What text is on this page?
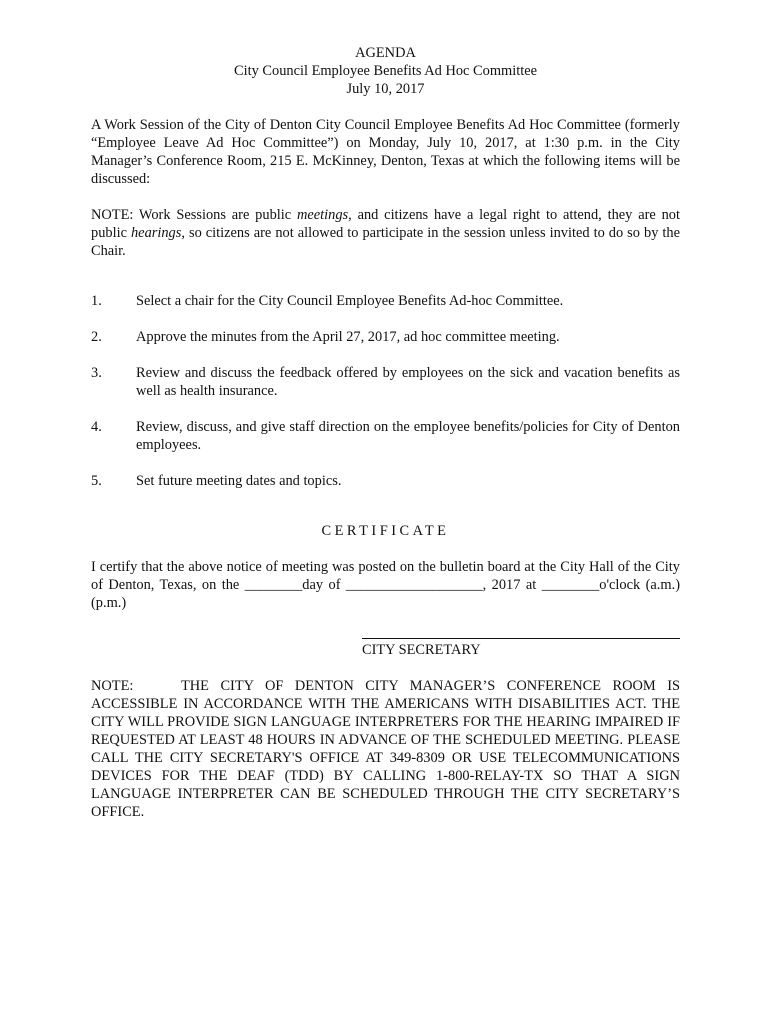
AGENDA
City Council Employee Benefits Ad Hoc Committee
July 10, 2017
A Work Session of the City of Denton City Council Employee Benefits Ad Hoc Committee (formerly “Employee Leave Ad Hoc Committee”) on Monday, July 10, 2017, at 1:30 p.m. in the City Manager’s Conference Room, 215 E. McKinney, Denton, Texas at which the following items will be discussed:
NOTE: Work Sessions are public meetings, and citizens have a legal right to attend, they are not public hearings, so citizens are not allowed to participate in the session unless invited to do so by the Chair.
1.	Select a chair for the City Council Employee Benefits Ad-hoc Committee.
2.	Approve the minutes from the April 27, 2017, ad hoc committee meeting.
3.	Review and discuss the feedback offered by employees on the sick and vacation benefits as well as health insurance.
4.	Review, discuss, and give staff direction on the employee benefits/policies for City of Denton employees.
5.	Set future meeting dates and topics.
CERTIFICATE
I certify that the above notice of meeting was posted on the bulletin board at the City Hall of the City of Denton, Texas, on the ________day of ___________________, 2017 at ________o'clock (a.m.) (p.m.)
CITY SECRETARY
NOTE:	THE CITY OF DENTON CITY MANAGER’S CONFERENCE ROOM IS ACCESSIBLE IN ACCORDANCE WITH THE AMERICANS WITH DISABILITIES ACT. THE CITY WILL PROVIDE SIGN LANGUAGE INTERPRETERS FOR THE HEARING IMPAIRED IF REQUESTED AT LEAST 48 HOURS IN ADVANCE OF THE SCHEDULED MEETING. PLEASE CALL THE CITY SECRETARY'S OFFICE AT 349-8309 OR USE TELECOMMUNICATIONS DEVICES FOR THE DEAF (TDD) BY CALLING 1-800-RELAY-TX SO THAT A SIGN LANGUAGE INTERPRETER CAN BE SCHEDULED THROUGH THE CITY SECRETARY’S OFFICE.
